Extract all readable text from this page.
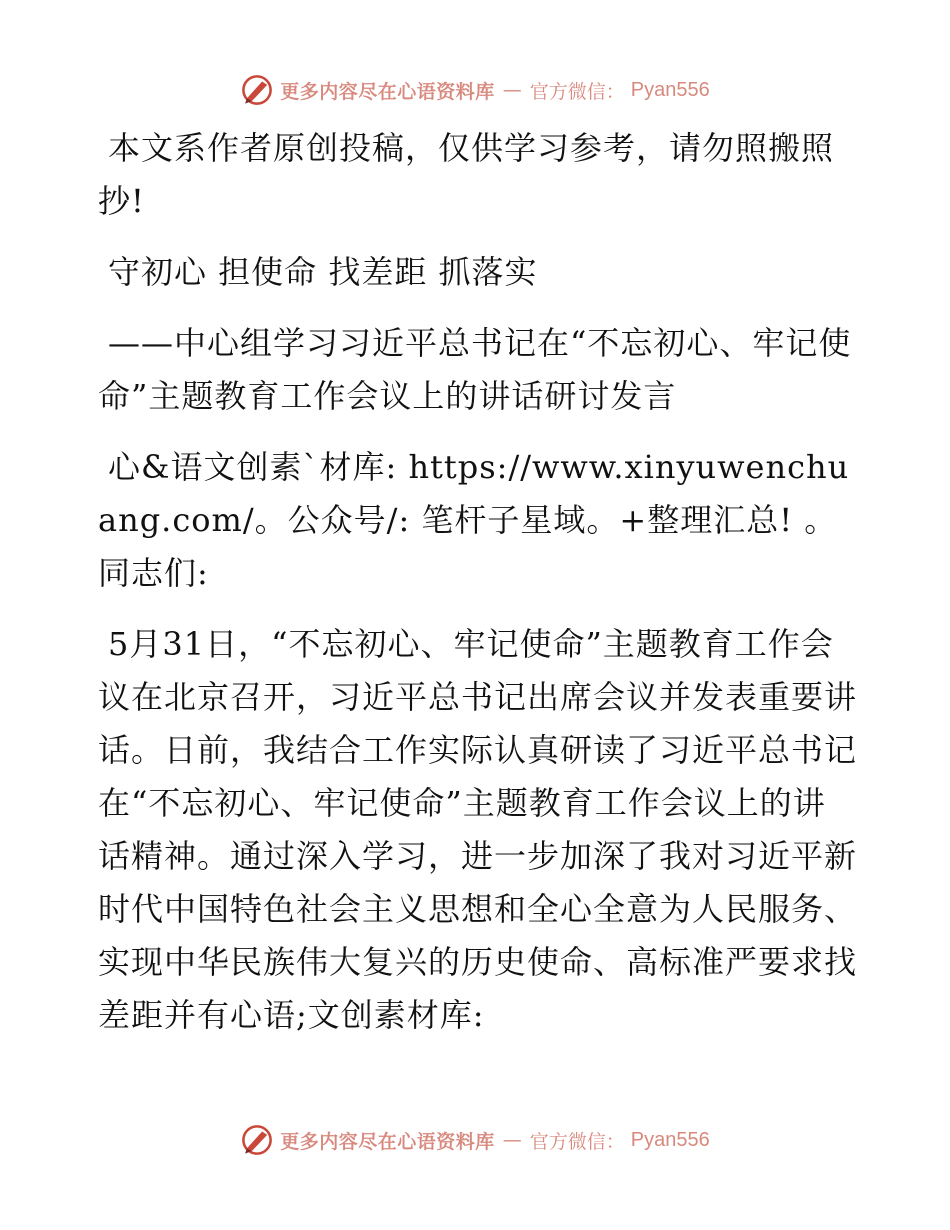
更多内容尽在心语资料库 — 官方微信： Pyan556

本文系作者原创投稿，仅供学习参考，请勿照搬照抄!

守初心 担使命 找差距 抓落实

——中心组学习习近平总书记在“不忘初心、牢记使命”主题教育工作会议上的讲话研讨发言

心&语文创素`材库: https://www.xinyuwenchuang.com/。公众号/: 笔杆子星域。+整理汇总! 。同志们:

5月31日，“不忘初心、牢记使命”主题教育工作会议在北京召开，习近平总书记出席会议并发表重要讲话。日前，我结合工作实际认真研读了习近平总书记在“不忘初心、牢记使命”主题教育工作会议上的讲话精神。通过深入学习，进一步加深了我对习近平新时代中国特色社会主义思想和全心全意为人民服务、实现中华民族伟大复兴的历史使命、高标准严要求找差距并有心语;文创素材库:

更多内容尽在心语资料库 — 官方微信： Pyan556
